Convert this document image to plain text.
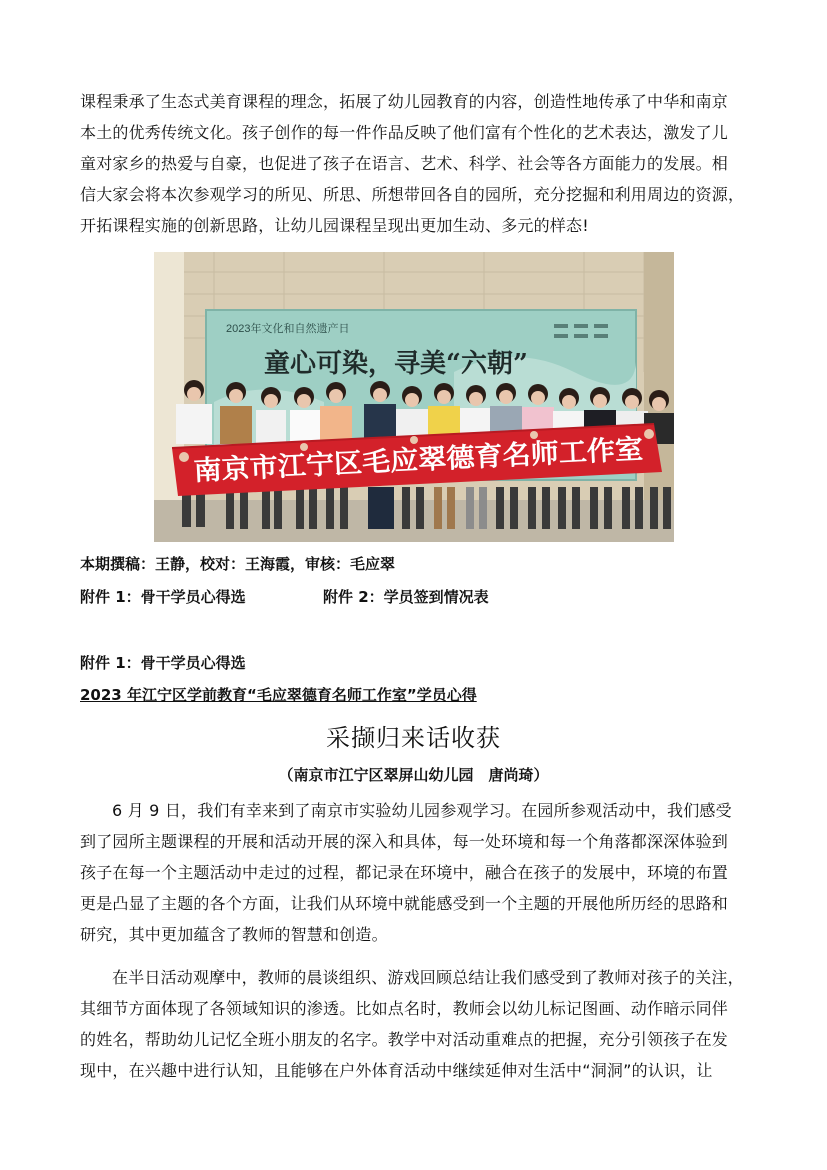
课程秉承了生态式美育课程的理念，拓展了幼儿园教育的内容，创造性地传承了中华和南京
本土的优秀传统文化。孩子创作的每一件作品反映了他们富有个性化的艺术表达，激发了儿
童对家乡的热爱与自豪，也促进了孩子在语言、艺术、科学、社会等各方面能力的发展。相
信大家会将本次参观学习的所见、所思、所想带回各自的园所，充分挖掘和利用周边的资源，
开拓课程实施的创新思路，让幼儿园课程呈现出更加生动、多元的样态!

2023年文化和自然遗产日
童心可染，寻美“六朝”
南京市江宁区毛应翠德育名师工作室
本期撰稿：王静，校对：王海霞，审核：毛应翠
附件 1：骨干学员心得选	附件 2：学员签到情况表
附件 1：骨干学员心得选
2023 年江宁区学前教育“毛应翠德育名师工作室”学员心得
采撷归来话收获
（南京市江宁区翠屏山幼儿园　唐尚琦）

6 月 9 日，我们有幸来到了南京市实验幼儿园参观学习。在园所参观活动中，我们感受
到了园所主题课程的开展和活动开展的深入和具体，每一处环境和每一个角落都深深体验到
孩子在每一个主题活动中走过的过程，都记录在环境中，融合在孩子的发展中，环境的布置
更是凸显了主题的各个方面，让我们从环境中就能感受到一个主题的开展他所历经的思路和
研究，其中更加蕴含了教师的智慧和创造。

在半日活动观摩中，教师的晨谈组织、游戏回顾总结让我们感受到了教师对孩子的关注，
其细节方面体现了各领域知识的渗透。比如点名时，教师会以幼儿标记图画、动作暗示同伴
的姓名，帮助幼儿记忆全班小朋友的名字。教学中对活动重难点的把握，充分引领孩子在发
现中，在兴趣中进行认知，且能够在户外体育活动中继续延伸对生活中“洞洞”的认识，让
